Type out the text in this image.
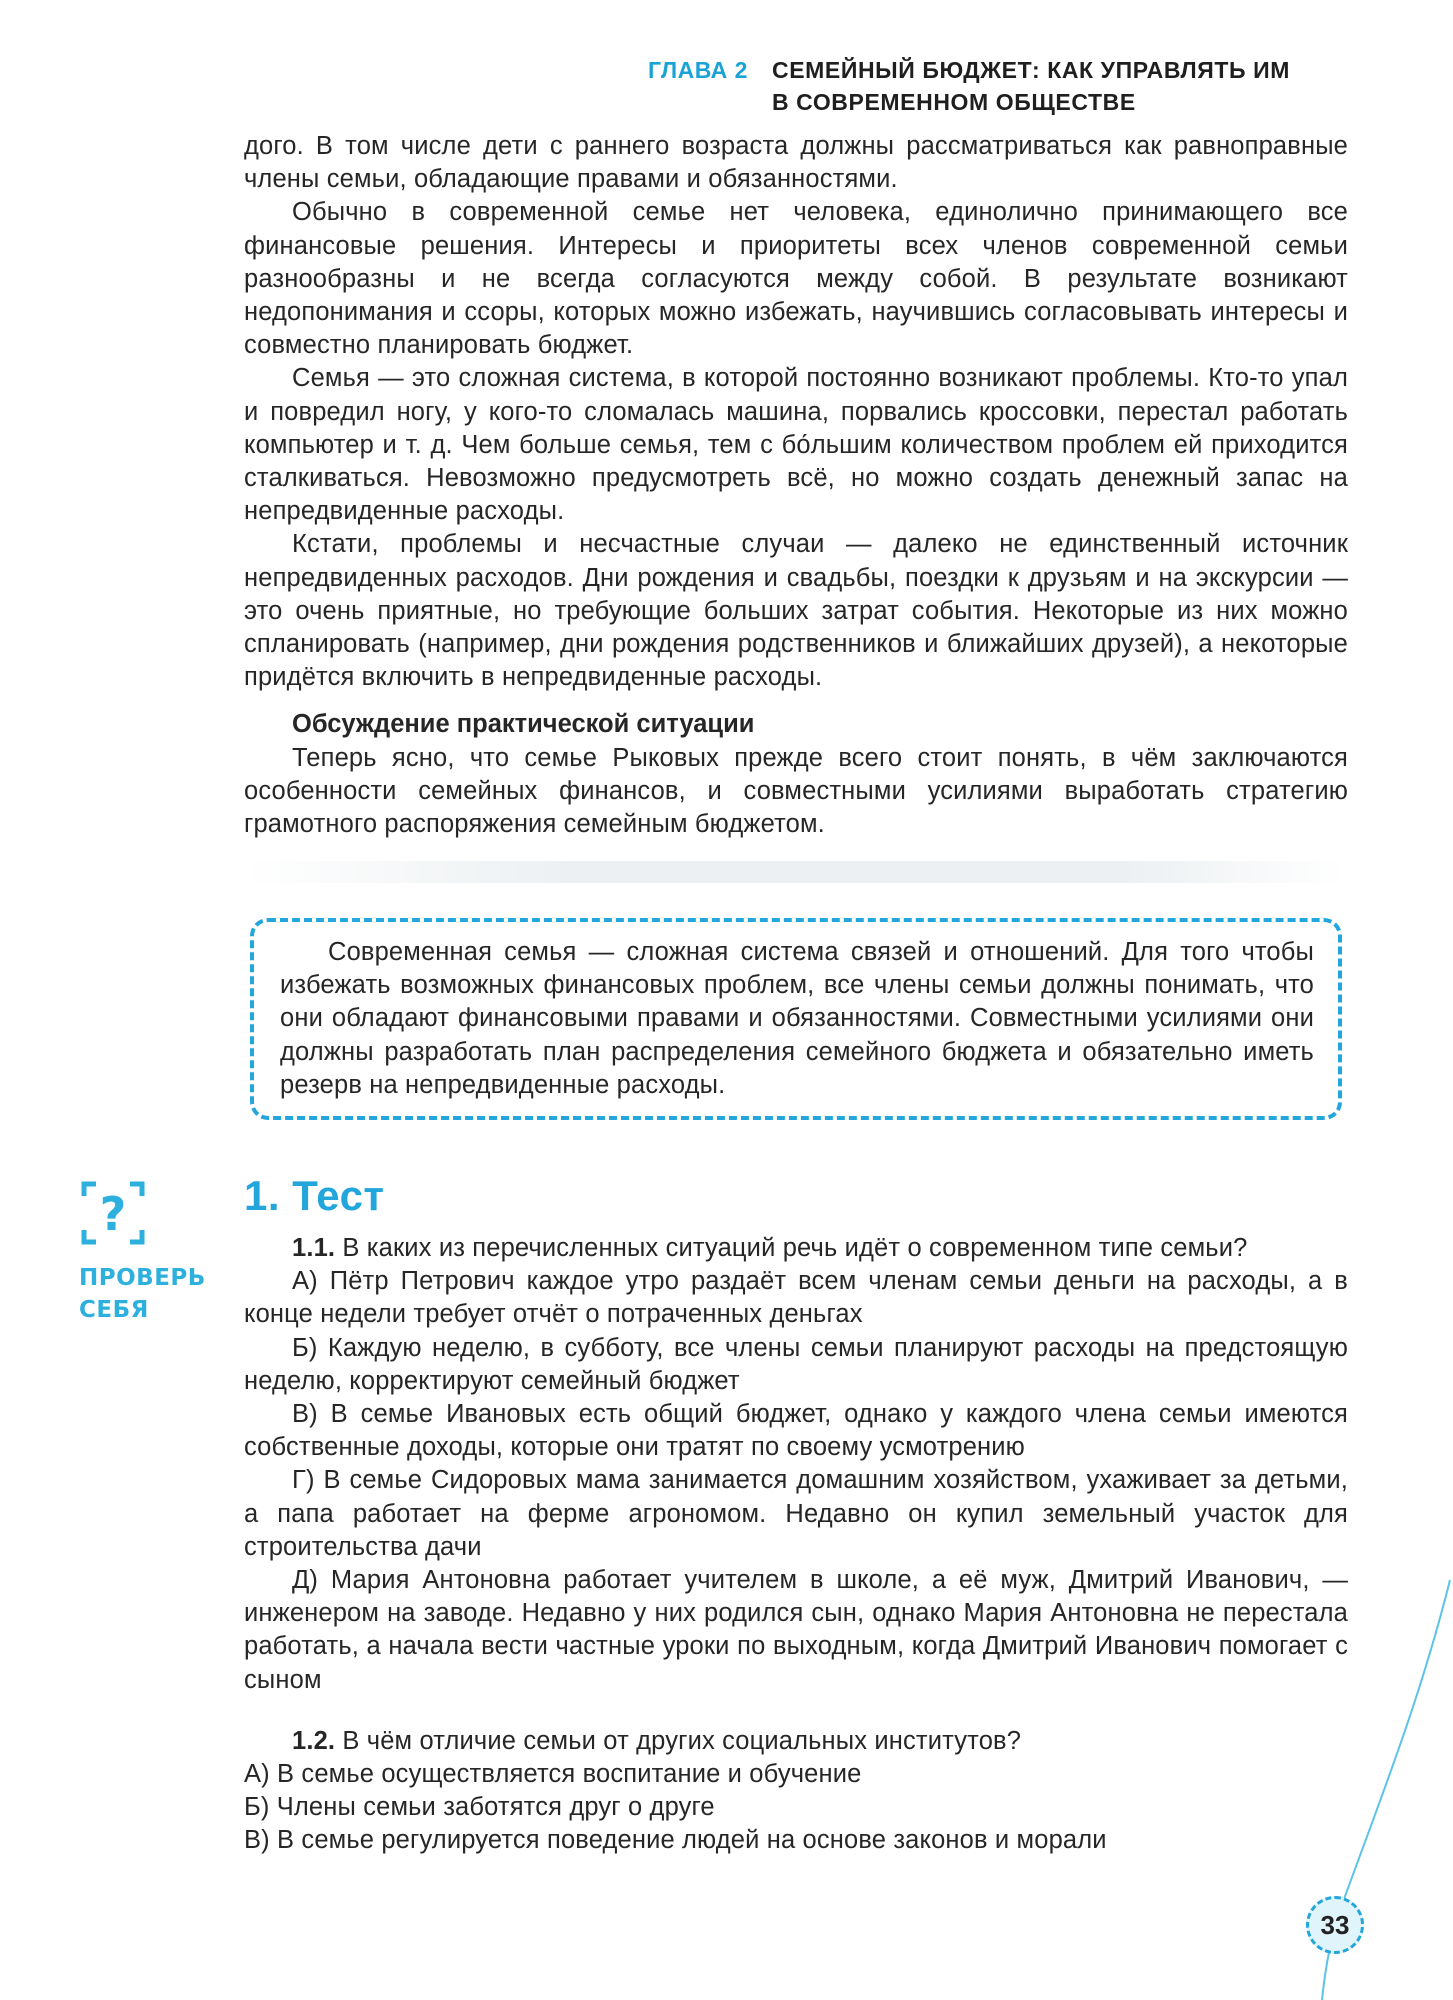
ГЛАВА 2 СЕМЕЙНЫЙ БЮДЖЕТ: КАК УПРАВЛЯТЬ ИМ
В СОВРЕМЕННОМ ОБЩЕСТВЕ

дого. В том числе дети с раннего возраста должны рассматриваться как равноправные члены семьи, обладающие правами и обязанностями.

Обычно в современной семье нет человека, единолично принимающего все финансовые решения. Интересы и приоритеты всех членов современной семьи разнообразны и не всегда согласуются между собой. В результате возникают недопонимания и ссоры, которых можно избежать, научившись согласовывать интересы и совместно планировать бюджет.

Семья — это сложная система, в которой постоянно возникают проблемы. Кто-то упал и повредил ногу, у кого-то сломалась машина, порвались кроссовки, перестал работать компьютер и т. д. Чем больше семья, тем с бо́льшим количеством проблем ей приходится сталкиваться. Невозможно предусмотреть всё, но можно создать денежный запас на непредвиденные расходы.

Кстати, проблемы и несчастные случаи — далеко не единственный источник непредвиденных расходов. Дни рождения и свадьбы, поездки к друзьям и на экскурсии — это очень приятные, но требующие больших затрат события. Некоторые из них можно спланировать (например, дни рождения родственников и ближайших друзей), а некоторые придётся включить в непредвиденные расходы.

Обсуждение практической ситуации

Теперь ясно, что семье Рыковых прежде всего стоит понять, в чём заключаются особенности семейных финансов, и совместными усилиями выработать стратегию грамотного распоряжения семейным бюджетом.

Современная семья — сложная система связей и отношений. Для того чтобы избежать возможных финансовых проблем, все члены семьи должны понимать, что они обладают финансовыми правами и обязанностями. Совместными усилиями они должны разработать план распределения семейного бюджета и обязательно иметь резерв на непредвиденные расходы.

?
ПРОВЕРЬ
СЕБЯ
1. Тест

1.1. В каких из перечисленных ситуаций речь идёт о современном типе семьи?

А) Пётр Петрович каждое утро раздаёт всем членам семьи деньги на расходы, а в конце недели требует отчёт о потраченных деньгах

Б) Каждую неделю, в субботу, все члены семьи планируют расходы на предстоящую неделю, корректируют семейный бюджет

В) В семье Ивановых есть общий бюджет, однако у каждого члена семьи имеются собственные доходы, которые они тратят по своему усмотрению

Г) В семье Сидоровых мама занимается домашним хозяйством, ухаживает за детьми, а папа работает на ферме агрономом. Недавно он купил земельный участок для строительства дачи

Д) Мария Антоновна работает учителем в школе, а её муж, Дмитрий Иванович, — инженером на заводе. Недавно у них родился сын, однако Мария Антоновна не перестала работать, а начала вести частные уроки по выходным, когда Дмитрий Иванович помогает с сыном

1.2. В чём отличие семьи от других социальных институтов?

А) В семье осуществляется воспитание и обучение

Б) Члены семьи заботятся друг о друге

В) В семье регулируется поведение людей на основе законов и морали

33
